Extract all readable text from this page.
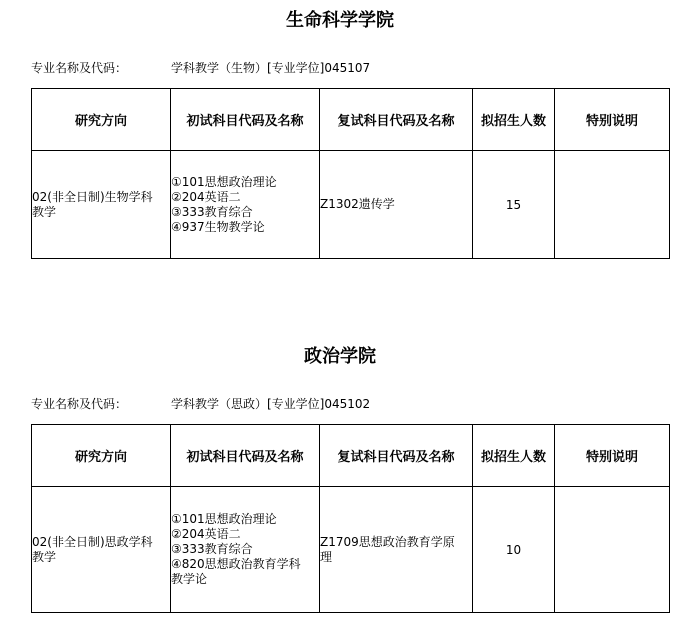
生命科学学院

专业名称及代码：

	学科教学（生物）[专业学位]045107

研究方向	初试科目代码及名称	复试科目代码及名称	拟招生人数	特别说明

02(非全日制)生物学科
教学	①101思想政治理论
②204英语二
③333教育综合
④937生物教学论	Z1302遗传学	15	
政治学院

专业名称及代码：

	学科教学（思政）[专业学位]045102

研究方向	初试科目代码及名称	复试科目代码及名称	拟招生人数	特别说明

02(非全日制)思政学科
教学	①101思想政治理论
②204英语二
③333教育综合
④820思想政治教育学科
教学论	Z1709思想政治教育学原
理	10	
